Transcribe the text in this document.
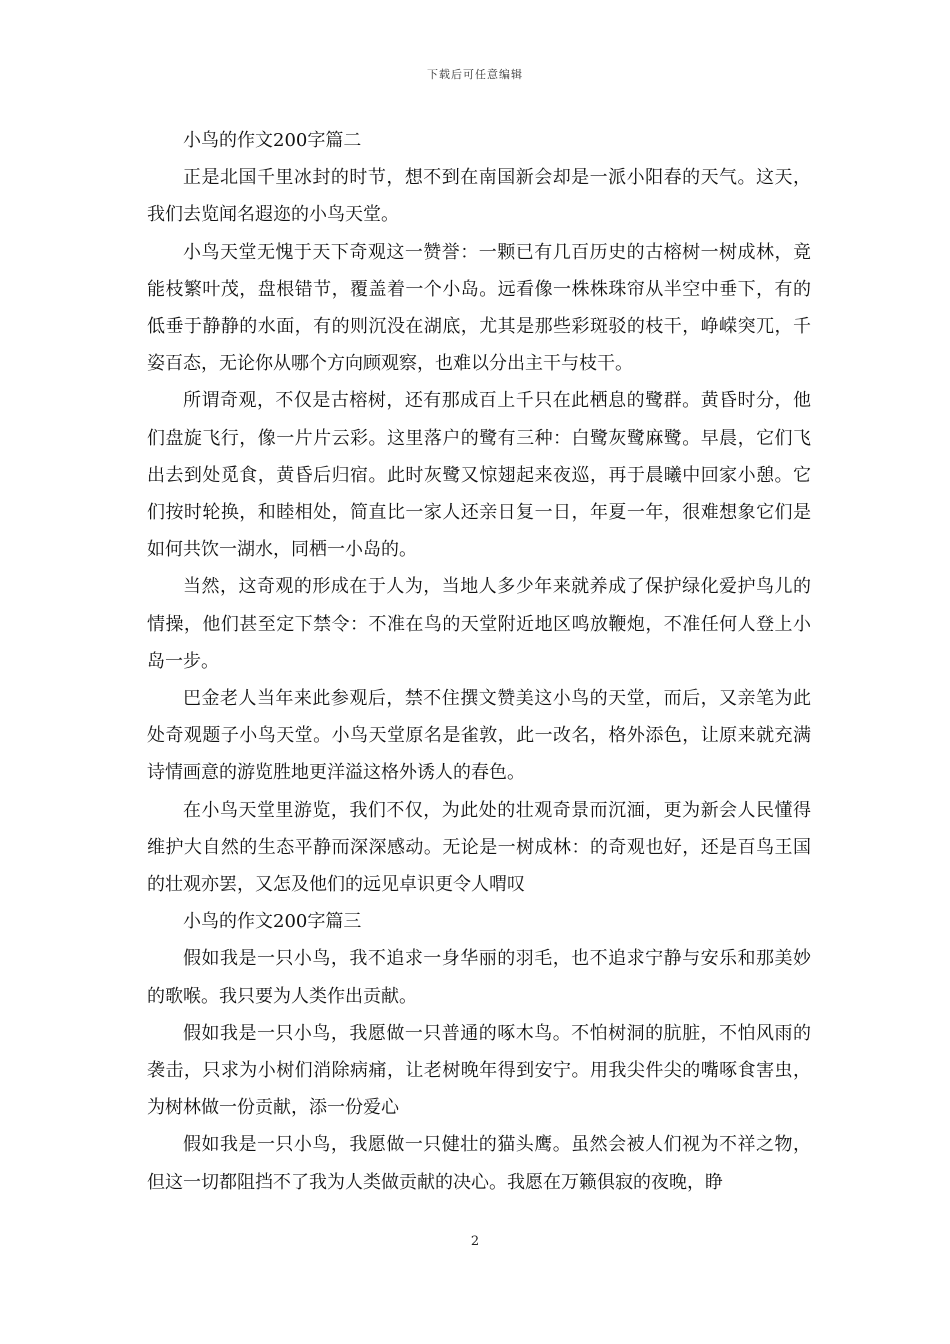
下载后可任意编辑

小鸟的作文200字篇二

正是北国千里冰封的时节，想不到在南国新会却是一派小阳春的天气。这天，我们去览闻名遐迩的小鸟天堂。

小鸟天堂无愧于天下奇观这一赞誉：一颗已有几百历史的古榕树一树成林，竟能枝繁叶茂，盘根错节，覆盖着一个小岛。远看像一株株珠帘从半空中垂下，有的低垂于静静的水面，有的则沉没在湖底，尤其是那些彩斑驳的枝干，峥嵘突兀，千姿百态，无论你从哪个方向顾观察，也难以分出主干与枝干。

所谓奇观，不仅是古榕树，还有那成百上千只在此栖息的鹭群。黄昏时分，他们盘旋飞行，像一片片云彩。这里落户的鹭有三种：白鹭灰鹭麻鹭。早晨，它们飞出去到处觅食，黄昏后归宿。此时灰鹭又惊翅起来夜巡，再于晨曦中回家小憩。它们按时轮换，和睦相处，简直比一家人还亲日复一日，年夏一年，很难想象它们是如何共饮一湖水，同栖一小岛的。

当然，这奇观的形成在于人为，当地人多少年来就养成了保护绿化爱护鸟儿的情操，他们甚至定下禁令：不准在鸟的天堂附近地区鸣放鞭炮，不准任何人登上小岛一步。

巴金老人当年来此参观后，禁不住撰文赞美这小鸟的天堂，而后，又亲笔为此处奇观题子小鸟天堂。小鸟天堂原名是雀敦，此一改名，格外添色，让原来就充满诗情画意的游览胜地更洋溢这格外诱人的春色。

在小鸟天堂里游览，我们不仅，为此处的壮观奇景而沉湎，更为新会人民懂得维护大自然的生态平静而深深感动。无论是一树成林：的奇观也好，还是百鸟王国的壮观亦罢，又怎及他们的远见卓识更令人喟叹

小鸟的作文200字篇三

假如我是一只小鸟，我不追求一身华丽的羽毛，也不追求宁静与安乐和那美妙的歌喉。我只要为人类作出贡献。

假如我是一只小鸟，我愿做一只普通的啄木鸟。不怕树洞的肮脏，不怕风雨的袭击，只求为小树们消除病痛，让老树晚年得到安宁。用我尖件尖的嘴啄食害虫，为树林做一份贡献，添一份爱心

假如我是一只小鸟，我愿做一只健壮的猫头鹰。虽然会被人们视为不祥之物，但这一切都阻挡不了我为人类做贡献的决心。我愿在万籁俱寂的夜晚，睁

2
